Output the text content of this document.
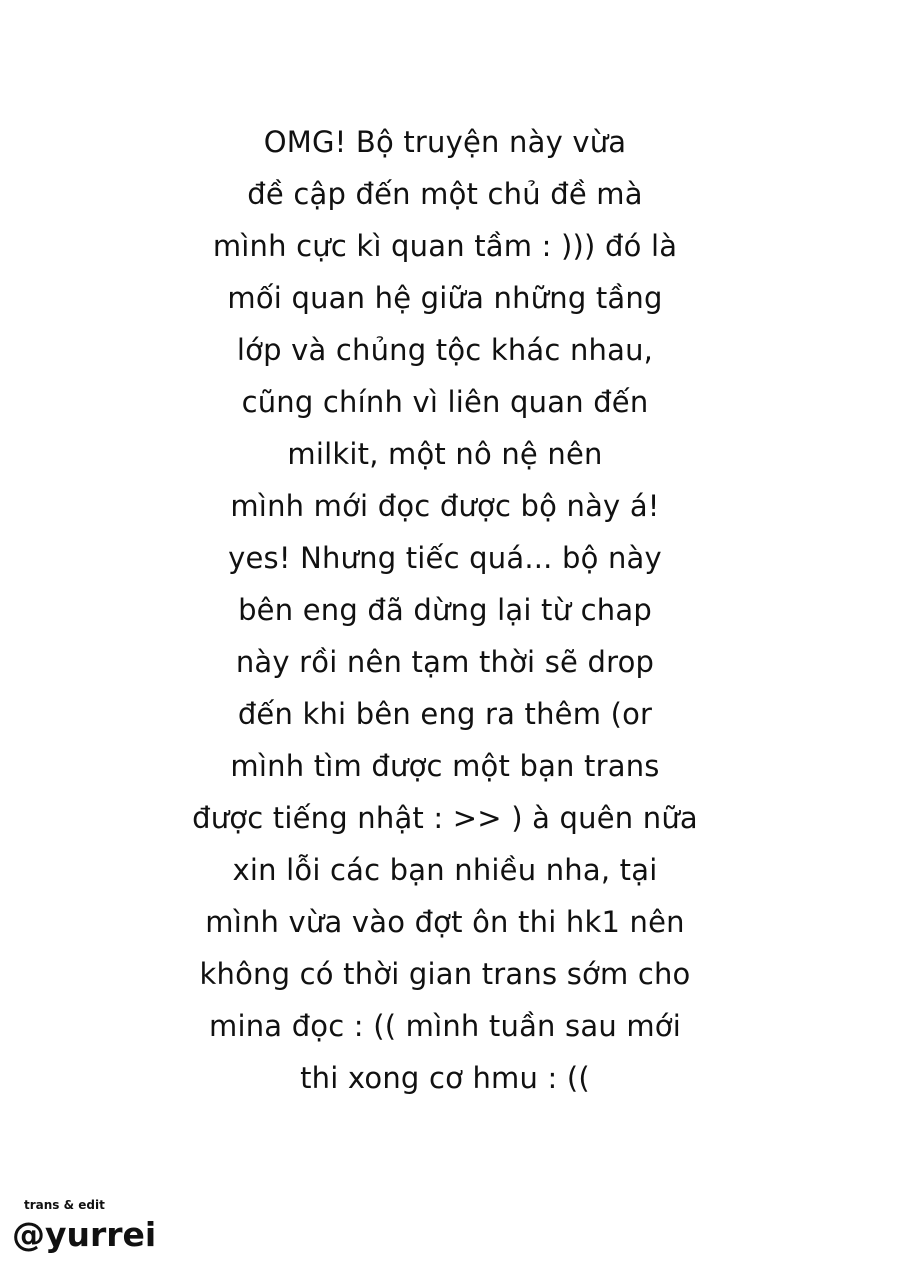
OMG! Bộ truyện này vừa
đề cập đến một chủ đề mà
mình cực kì quan tầm : ))) đó là
mối quan hệ giữa những tầng
lớp và chủng tộc khác nhau,
cũng chính vì liên quan đến
milkit, một nô nệ nên
mình mới đọc được bộ này á!
yes! Nhưng tiếc quá... bộ này
bên eng đã dừng lại từ chap
này rồi nên tạm thời sẽ drop
đến khi bên eng ra thêm (or
mình tìm được một bạn trans
được tiếng nhật : >> ) à quên nữa
xin lỗi các bạn nhiều nha, tại
mình vừa vào đợt ôn thi hk1 nên
không có thời gian trans sớm cho
mina đọc : (( mình tuần sau mới
thi xong cơ hmu : ((
trans & edit
@yurrei
